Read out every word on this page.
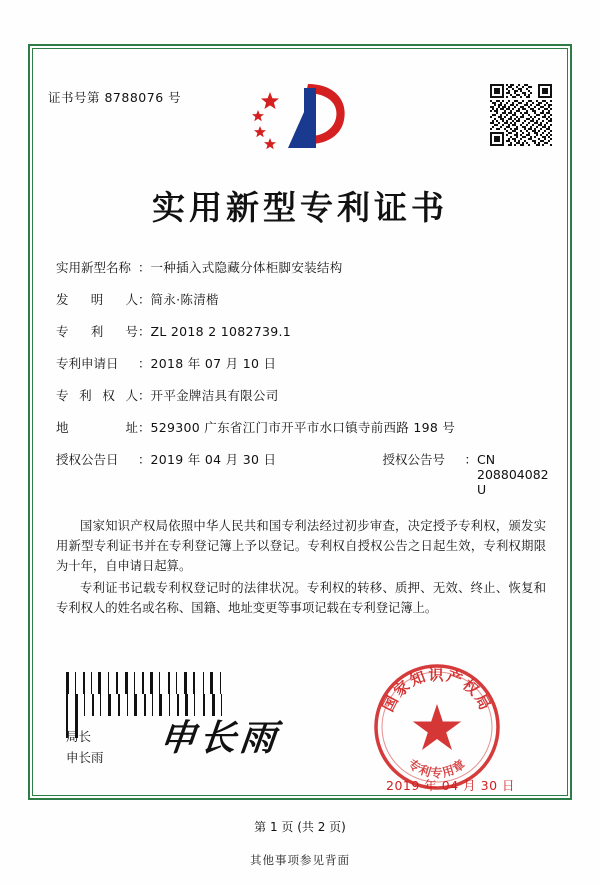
证书号第 8788076 号
实用新型专利证书
实用新型名称 ： 一种插入式隐藏分体柜脚安装结构
发 明 人 ： 简永·陈清楷
专 利 号 ： ZL 2018 2 1082739.1
专利申请日	： 2018 年 07 月 10 日
专 利 权 人 ： 开平金牌洁具有限公司
地	址 ： 529300 广东省江门市开平市水口镇寺前西路 198 号
授权公告日	： 2019 年 04 月 30 日	授权公告号	： CN 208804082 U

国家知识产权局依照中华人民共和国专利法经过初步审查，决定授予专利权，颁发实用新型专利证书并在专利登记簿上予以登记。专利权自授权公告之日起生效，专利权期限为十年，自申请日起算。

专利证书记载专利权登记时的法律状况。专利权的转移、质押、无效、终止、恢复和专利权人的姓名或名称、国籍、地址变更等事项记载在专利登记簿上。

局长
申长雨 申长雨
国家知识产权局
专利专用章
2019 年 04 月 30 日
第 1 页 (共 2 页)
其他事项参见背面
